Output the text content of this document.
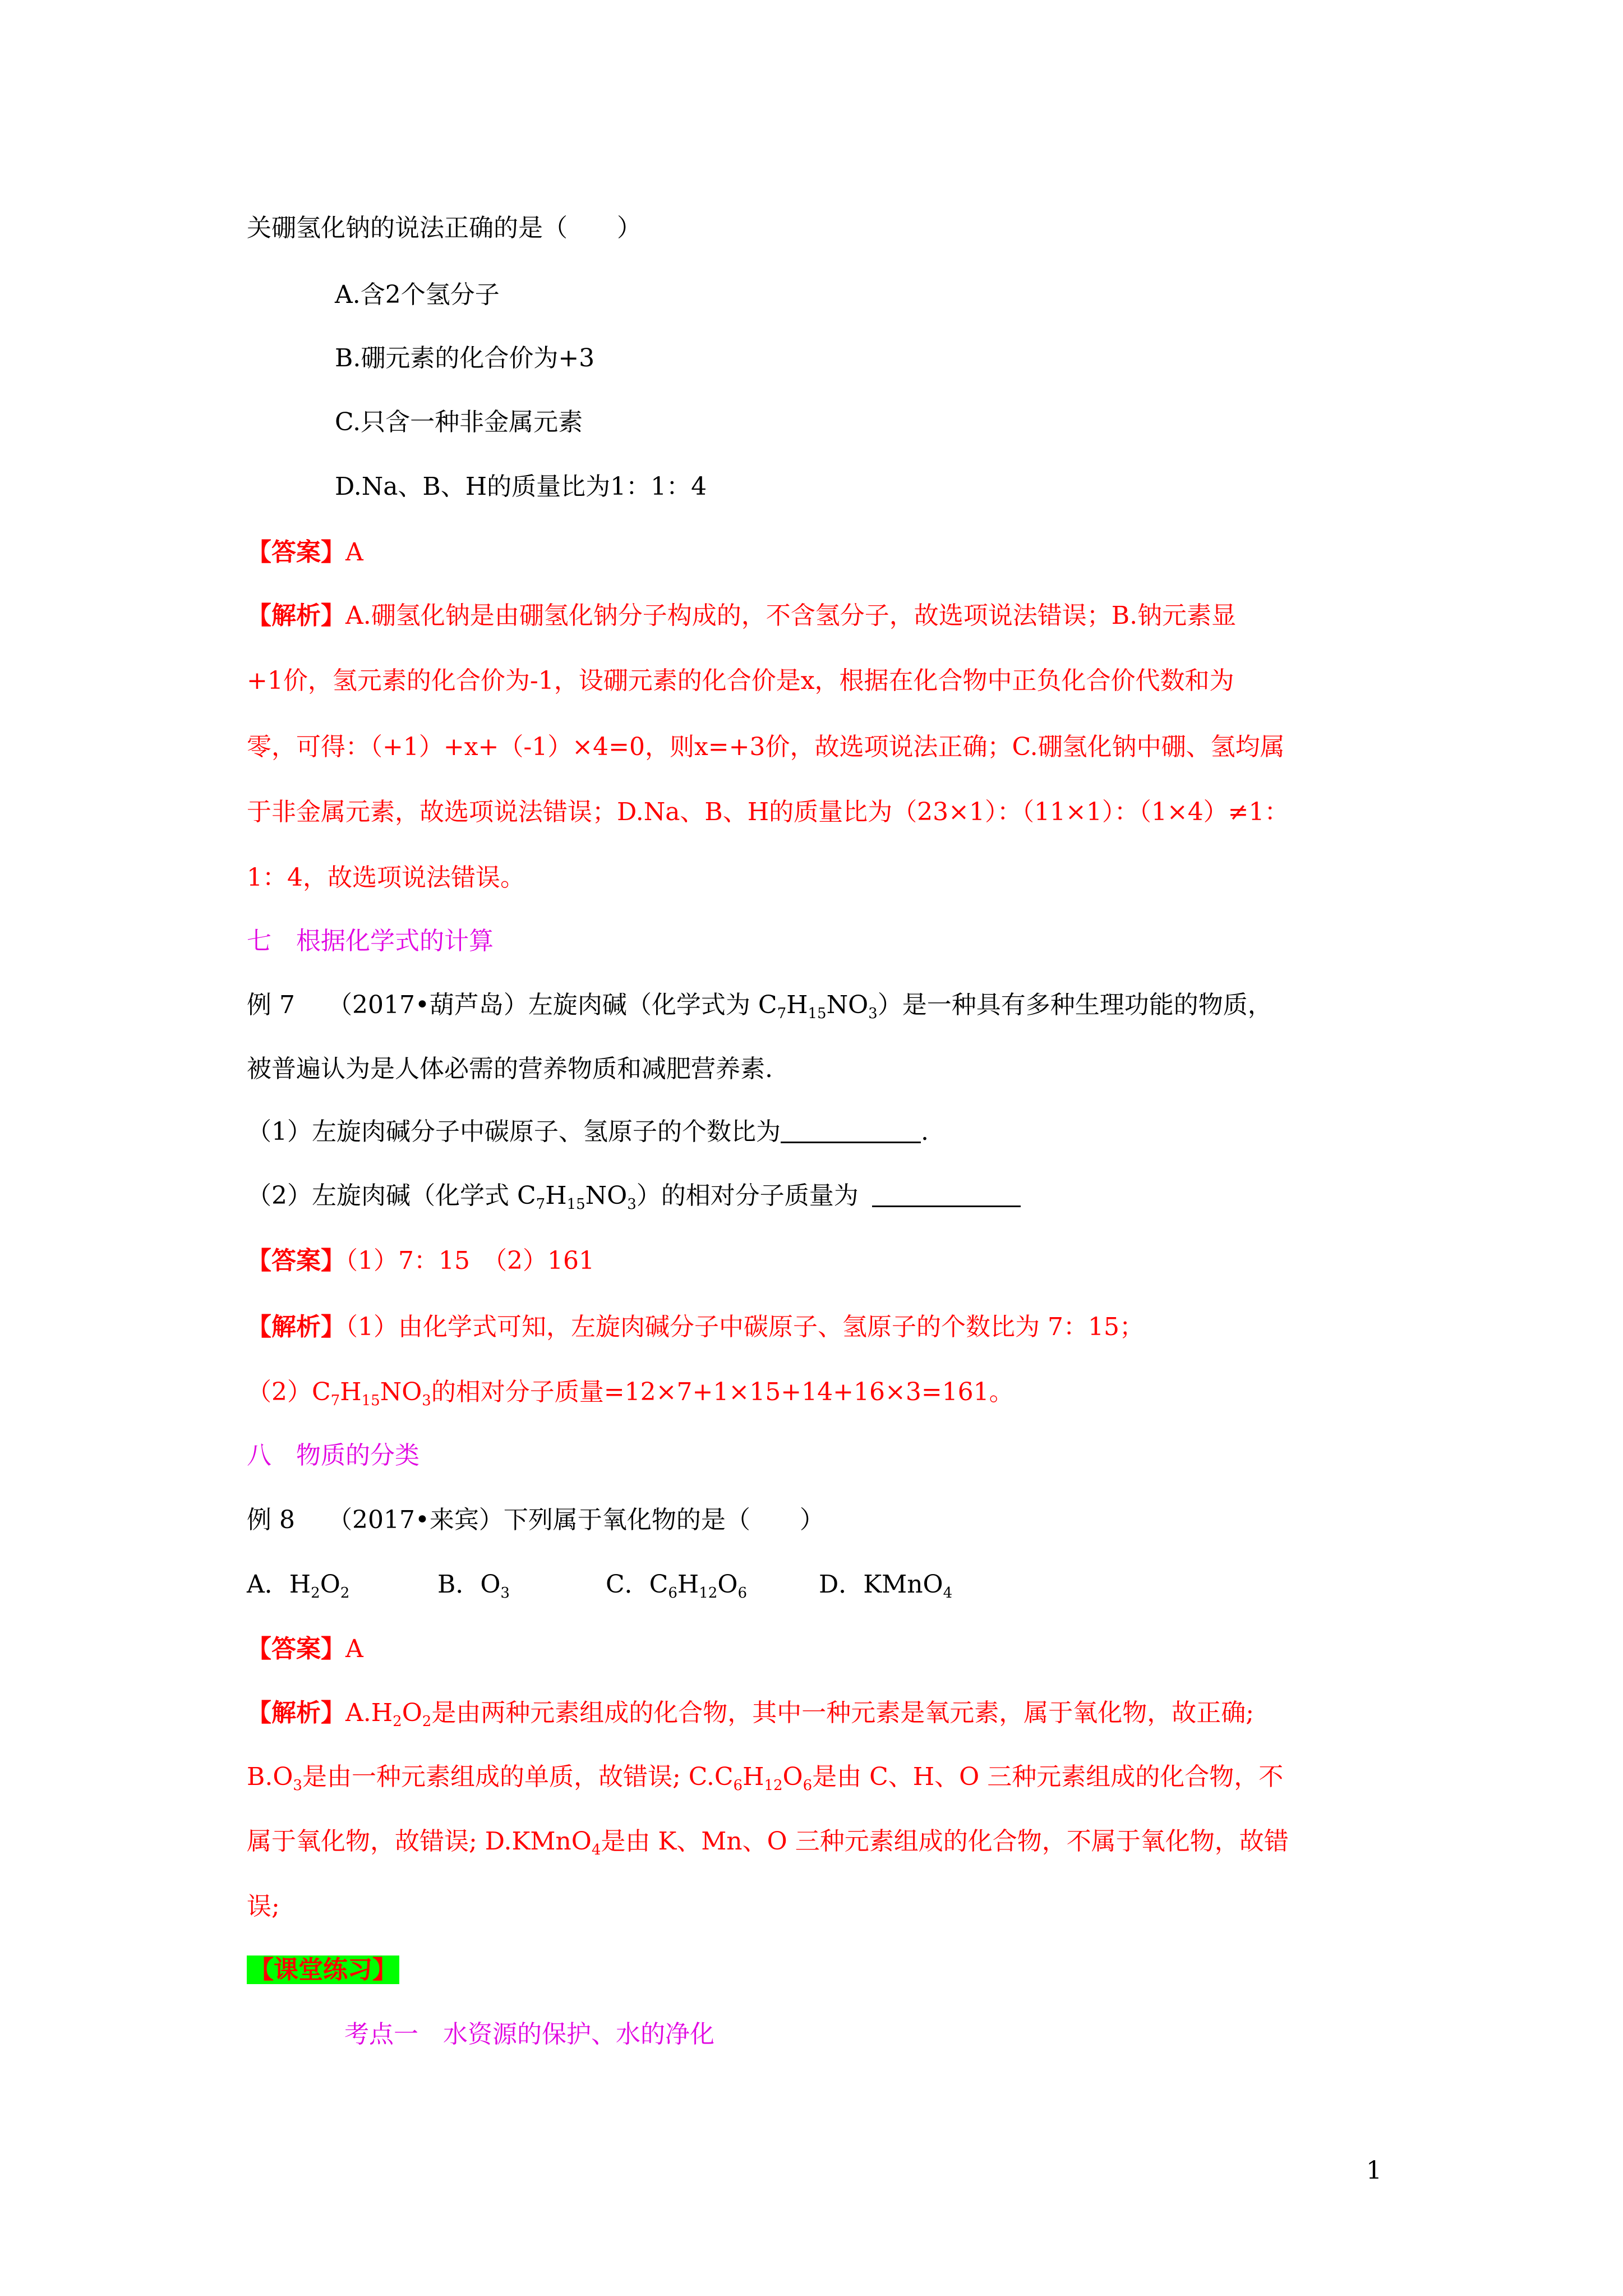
关硼氢化钠的说法正确的是（　　）
A.含2个氢分子
B.硼元素的化合价为+3
C.只含一种非金属元素
D.Na、B、H的质量比为1：1：4
【答案】A
【解析】A.硼氢化钠是由硼氢化钠分子构成的，不含氢分子，故选项说法错误；B.钠元素显
+1价，氢元素的化合价为-1，设硼元素的化合价是x，根据在化合物中正负化合价代数和为
零，可得：（+1）+x+（-1）×4=0，则x=+3价，故选项说法正确；C.硼氢化钠中硼、氢均属
于非金属元素，故选项说法错误；D.Na、B、H的质量比为（23×1）：（11×1）：（1×4）≠1：
1：4，故选项说法错误。
七　根据化学式的计算
例 7　 （2017•葫芦岛）左旋肉碱（化学式为 $C_7H_{15}NO_3$）是一种具有多种生理功能的物质，
被普遍认为是人体必需的营养物质和减肥营养素.
（1）左旋肉碱分子中碳原子、氢原子的个数比为	.
（2）左旋肉碱（化学式 $C_7H_{15}NO_3$）的相对分子质量为
【答案】（1）7：15　（2）161
【解析】（1）由化学式可知，左旋肉碱分子中碳原子、氢原子的个数比为 7：15；
$(2)C_7H_{15}NO_3$的相对分子质量=12×7+1×15+14+16×3=161。
八　物质的分类
例 8　 （2017•来宾）下列属于氧化物的是（　　）
A．$H_2O_2$	B．$O_3$	C．$C_6H_{12}O_6$	D．KMnO$_4$
【答案】A
【解析】$A.H_2O_2$是由两种元素组成的化合物，其中一种元素是氧元素，属于氧化物，故正确;
$B.O_3$是由一种元素组成的单质，故错误; $C.C_6H_{12}O_6$是由 C、H、O 三种元素组成的化合物，不
属于氧化物，故错误; D.KMnO$_4$是由 K、Mn、O 三种元素组成的化合物，不属于氧化物，故错
误;
【课堂练习】
考点一　水资源的保护、水的净化
1
